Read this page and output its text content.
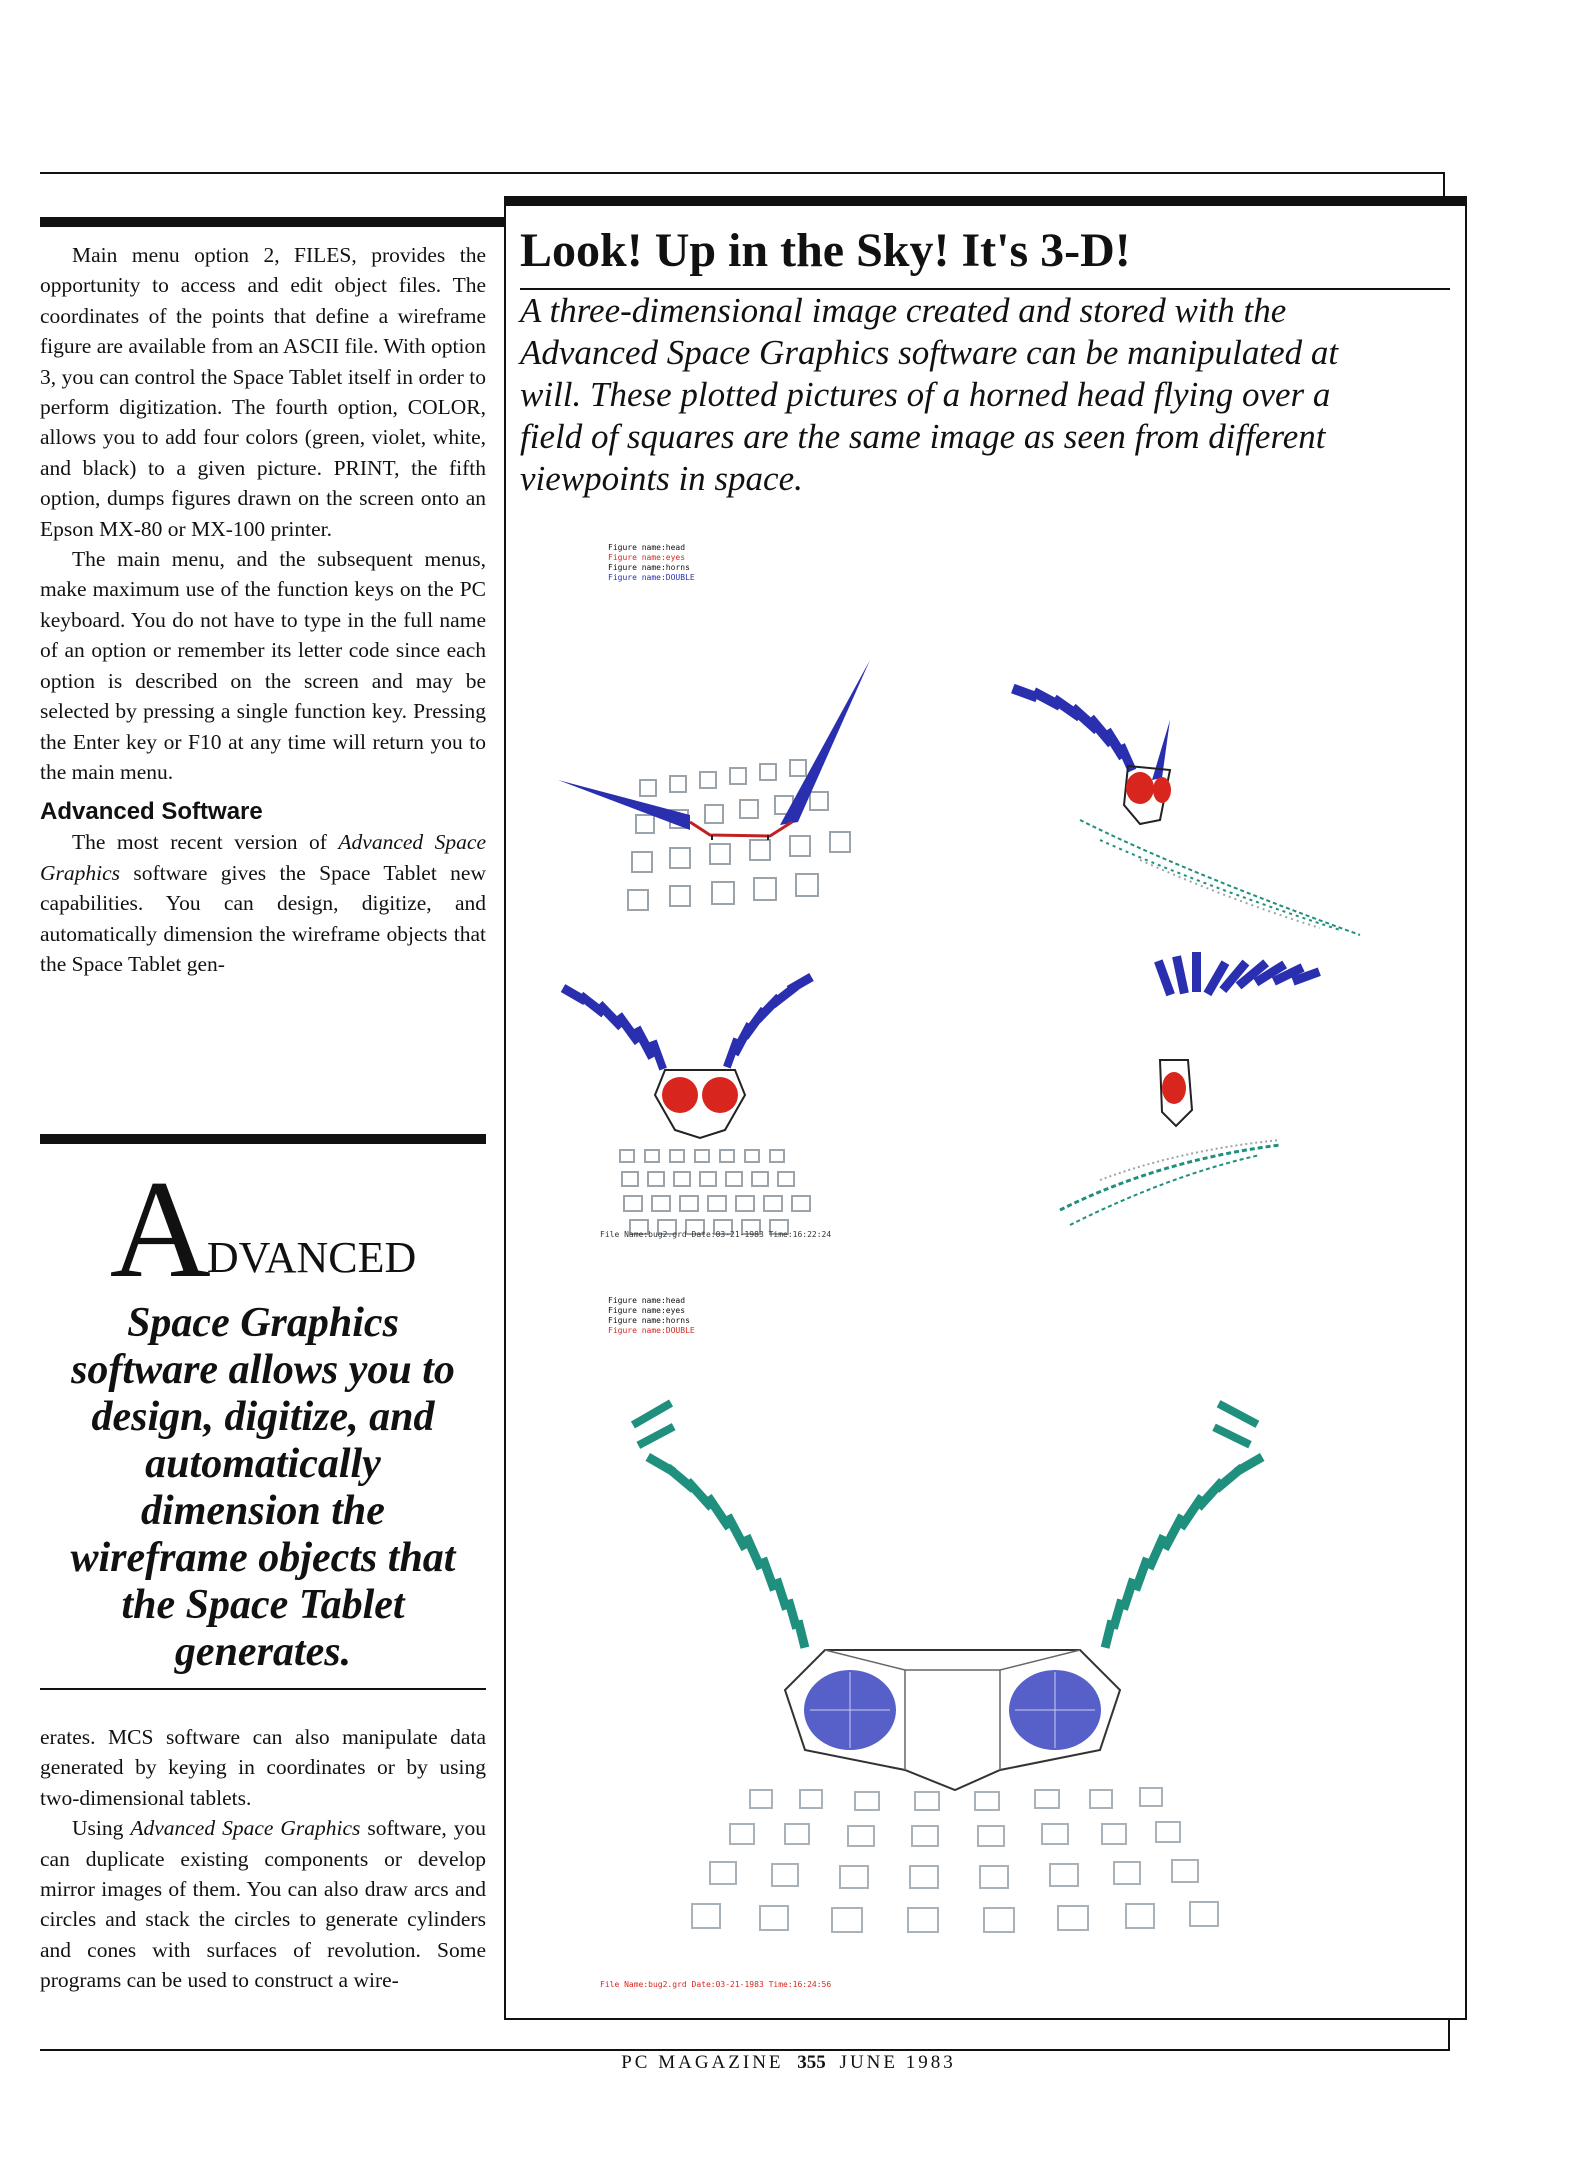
Main menu option 2, FILES, provides the opportunity to access and edit object files. The coordinates of the points that define a wireframe figure are available from an ASCII file. With option 3, you can control the Space Tablet itself in order to perform digitization. The fourth option, COLOR, allows you to add four colors (green, violet, white, and black) to a given picture. PRINT, the fifth option, dumps figures drawn on the screen onto an Epson MX-80 or MX-100 printer.

The main menu, and the subsequent menus, make maximum use of the function keys on the PC keyboard. You do not have to type in the full name of an option or remember its letter code since each option is described on the screen and may be selected by pressing a single function key. Pressing the Enter key or F10 at any time will return you to the main menu.

Advanced Software

The most recent version of Advanced Space Graphics software gives the Space Tablet new capabilities. You can design, digitize, and automatically dimension the wireframe objects that the Space Tablet gen-

ADVANCED
Space Graphics
software allows you to
design, digitize, and
automatically
dimension the
wireframe objects that
the Space Tablet
generates.

erates. MCS software can also manipulate data generated by keying in coordinates or by using two-dimensional tablets.

Using Advanced Space Graphics software, you can duplicate existing components or develop mirror images of them. You can also draw arcs and circles and stack the circles to generate cylinders and cones with surfaces of revolution. Some programs can be used to construct a wire-

Look! Up in the Sky! It's 3-D!
A three-dimensional image created and stored with the Advanced Space Graphics software can be manipulated at will. These plotted pictures of a horned head flying over a field of squares are the same image as seen from different viewpoints in space.
Figure name:head
Figure name:eyes
Figure name:horns
Figure name:DOUBLE
File Name:bug2.grd Date:03-21-1983 Time:16:22:24
Figure name:head
Figure name:eyes
Figure name:horns
Figure name:DOUBLE
File Name:bug2.grd Date:03-21-1983 Time:16:24:56
PC MAGAZINE 355 JUNE 1983
